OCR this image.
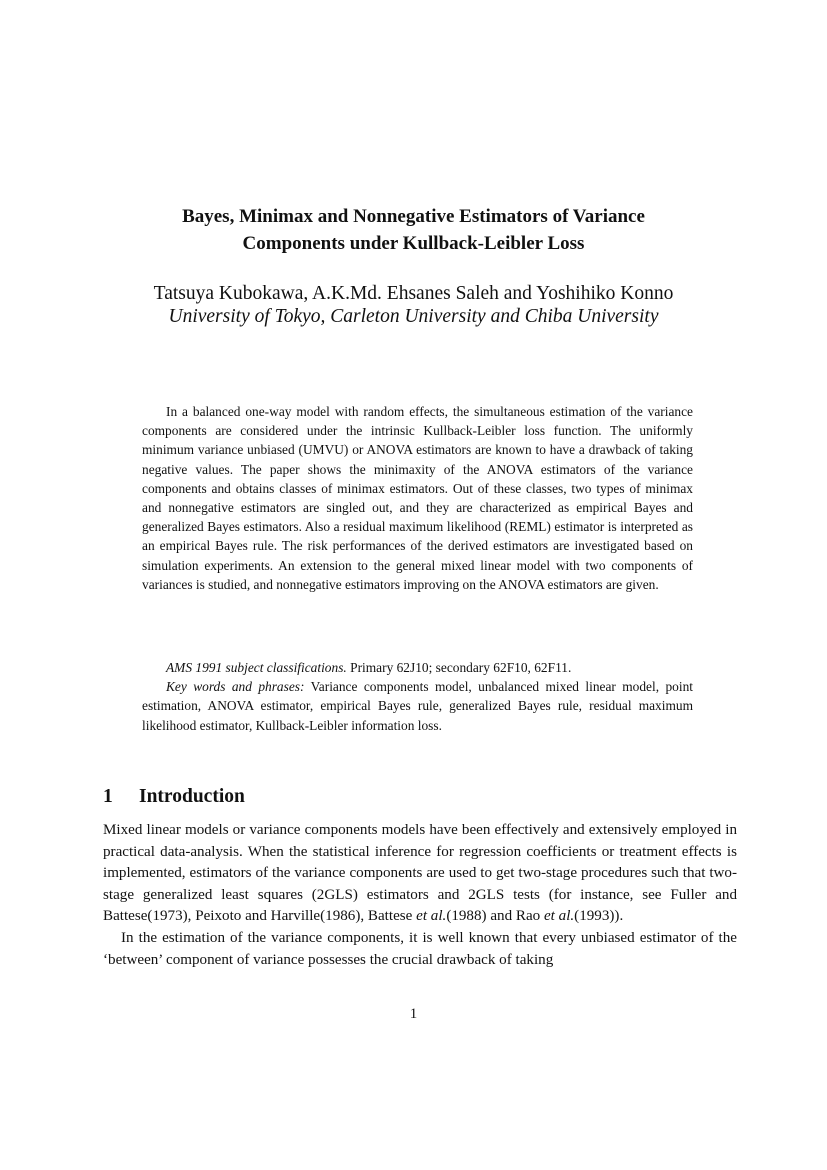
Bayes, Minimax and Nonnegative Estimators of Variance
Components under Kullback-Leibler Loss
Tatsuya Kubokawa, A.K.Md. Ehsanes Saleh and Yoshihiko Konno
University of Tokyo, Carleton University and Chiba University
In a balanced one-way model with random effects, the simultaneous estimation of the variance components are considered under the intrinsic Kullback-Leibler loss function. The uniformly minimum variance unbiased (UMVU) or ANOVA estimators are known to have a drawback of taking negative values. The paper shows the minimaxity of the ANOVA estimators of the variance components and obtains classes of minimax estimators. Out of these classes, two types of minimax and nonnegative estimators are singled out, and they are characterized as empirical Bayes and generalized Bayes estimators. Also a residual maximum likelihood (REML) estimator is interpreted as an empirical Bayes rule. The risk performances of the derived estimators are investigated based on simulation experiments. An extension to the general mixed linear model with two components of variances is studied, and nonnegative estimators improving on the ANOVA estimators are given.

AMS 1991 subject classifications. Primary 62J10; secondary 62F10, 62F11.

Key words and phrases: Variance components model, unbalanced mixed linear model, point estimation, ANOVA estimator, empirical Bayes rule, generalized Bayes rule, residual maximum likelihood estimator, Kullback-Leibler information loss.

1 Introduction

Mixed linear models or variance components models have been effectively and extensively employed in practical data-analysis. When the statistical inference for regression coefficients or treatment effects is implemented, estimators of the variance components are used to get two-stage procedures such that two-stage generalized least squares (2GLS) estimators and 2GLS tests (for instance, see Fuller and Battese(1973), Peixoto and Harville(1986), Battese et al.(1988) and Rao et al.(1993)).

In the estimation of the variance components, it is well known that every unbiased estimator of the ‘between’ component of variance possesses the crucial drawback of taking

1
